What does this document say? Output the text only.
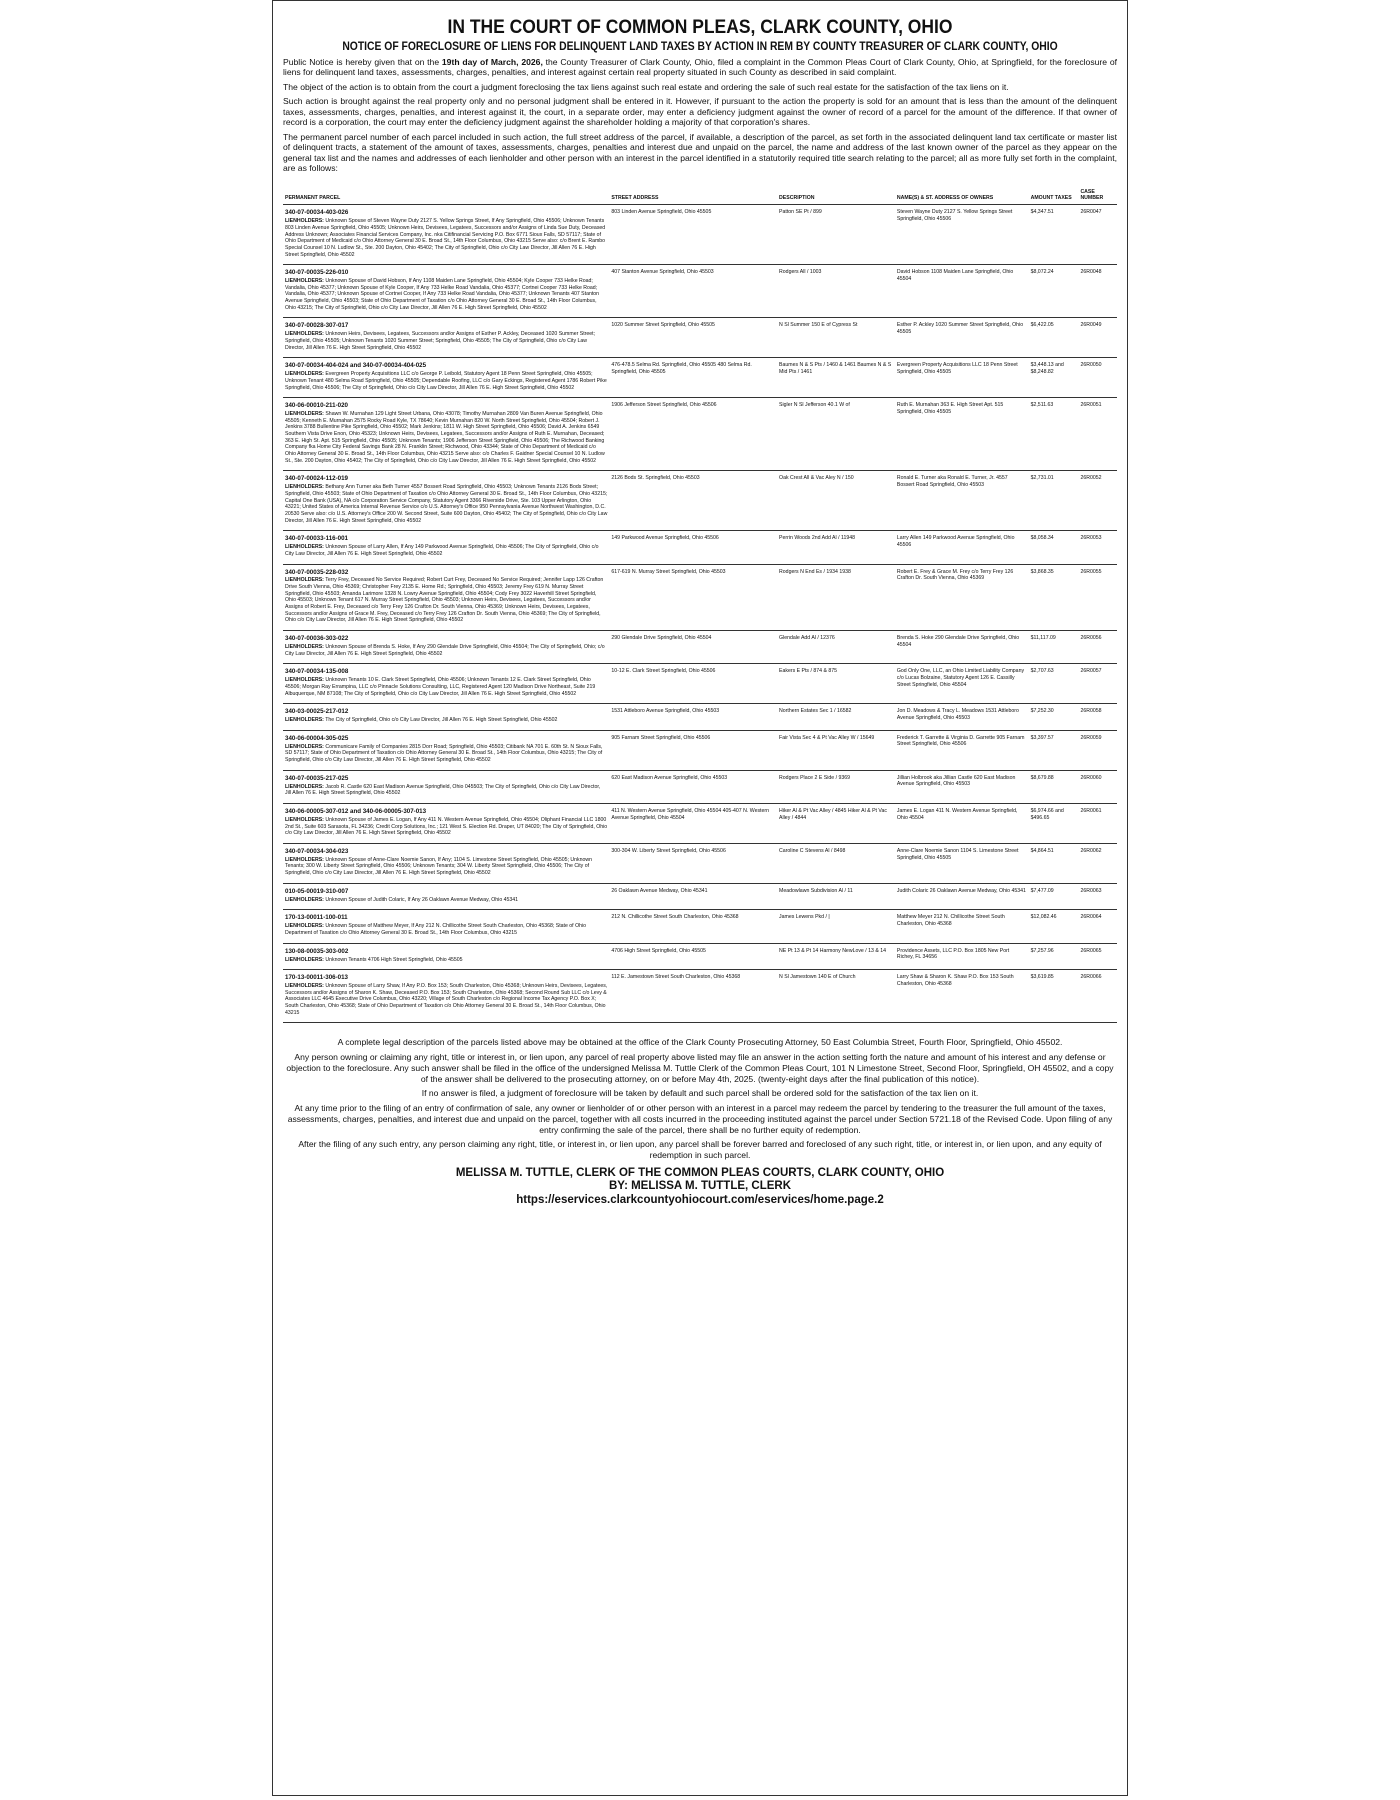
IN THE COURT OF COMMON PLEAS, CLARK COUNTY, OHIO
NOTICE OF FORECLOSURE OF LIENS FOR DELINQUENT LAND TAXES BY ACTION IN REM BY COUNTY TREASURER OF CLARK COUNTY, OHIO

Public Notice is hereby given that on the 19th day of March, 2026, the County Treasurer of Clark County, Ohio, filed a complaint in the Common Pleas Court of Clark County, Ohio, at Springfield, for the foreclosure of liens for delinquent land taxes, assessments, charges, penalties, and interest against certain real property situated in such County as described in said complaint.

The object of the action is to obtain from the court a judgment foreclosing the tax liens against such real estate and ordering the sale of such real estate for the satisfaction of the tax liens on it.

Such action is brought against the real property only and no personal judgment shall be entered in it. However, if pursuant to the action the property is sold for an amount that is less than the amount of the delinquent taxes, assessments, charges, penalties, and interest against it, the court, in a separate order, may enter a deficiency judgment against the owner of record of a parcel for the amount of the difference. If that owner of record is a corporation, the court may enter the deficiency judgment against the shareholder holding a majority of that corporation's shares.

The permanent parcel number of each parcel included in such action, the full street address of the parcel, if available, a description of the parcel, as set forth in the associated delinquent land tax certificate or master list of delinquent tracts, a statement of the amount of taxes, assessments, charges, penalties and interest due and unpaid on the parcel, the name and address of the last known owner of the parcel as they appear on the general tax list and the names and addresses of each lienholder and other person with an interest in the parcel identified in a statutorily required title search relating to the parcel; all as more fully set forth in the complaint, are as follows:

PERMANENT PARCEL	STREET ADDRESS	DESCRIPTION	NAME(S) & ST. ADDRESS OF OWNERS	AMOUNT TAXES	CASE NUMBER

340-07-00034-403-026
LIENHOLDERS: Unknown Spouse of Steven Wayne Duty 2127 S. Yellow Springs Street, If Any Springfield, Ohio 45506; Unknown Tenants 803 Linden Avenue Springfield, Ohio 45505; Unknown Heirs, Devisees, Legatees, Successors and/or Assigns of Linda Sue Duty, Deceased Address Unknown; Associates Financial Services Company, Inc. nka Citifinancial Servicing P.O. Box 6771 Sioux Falls, SD 57117; State of Ohio Department of Medicaid c/o Ohio Attorney General 30 E. Broad St., 14th Floor Columbus, Ohio 43215 Serve also: c/o Brent E. Rambo Special Counsel 10 N. Ludlow St., Ste. 200 Dayton, Ohio 45402; The City of Springfield, Ohio c/o City Law Director, Jill Allen 76 E. High Street Springfield, Ohio 45502	803 Linden Avenue Springfield, Ohio 45505	Patton SE Pt / 899	Steven Wayne Duty 2127 S. Yellow Springs Street Springfield, Ohio 45506	$4,347.51	26R0047

340-07-00035-226-010
LIENHOLDERS: Unknown Spouse of David Hobson, If Any 1108 Maiden Lane Springfield, Ohio 45504; Kyle Cooper 733 Helke Road; Vandalia, Ohio 45377; Unknown Spouse of Kyle Cooper, If Any 733 Helke Road Vandalia, Ohio 45377; Cortnei Cooper 733 Helke Road; Vandalia, Ohio 45377; Unknown Spouse of Cortnei Cooper, If Any 733 Helke Road Vandalia, Ohio 45377; Unknown Tenants 407 Stanton Avenue Springfield, Ohio 45503; State of Ohio Department of Taxation c/o Ohio Attorney General 30 E. Broad St., 14th Floor Columbus, Ohio 43215; The City of Springfield, Ohio c/o City Law Director, Jill Allen 76 E. High Street Springfield, Ohio 45502	407 Stanton Avenue Springfield, Ohio 45503	Rodgers All / 1003	David Hobson 1108 Maiden Lane Springfield, Ohio 45504	$8,072.24	26R0048

340-07-00028-307-017
LIENHOLDERS: Unknown Heirs, Devisees, Legatees, Successors and/or Assigns of Esther P. Ackley, Deceased 1020 Summer Street; Springfield, Ohio 45505; Unknown Tenants 1020 Summer Street; Springfield, Ohio 45505; The City of Springfield, Ohio c/o City Law Director, Jill Allen 76 E. High Street Springfield, Ohio 45502	1020 Summer Street Springfield, Ohio 45505	N Sl Summer 150 E of Cypress St	Esther P. Ackley 1020 Summer Street Springfield, Ohio 45505	$6,422.05	26R0049

340-07-00034-404-024 and 340-07-00034-404-025
LIENHOLDERS: Evergreen Property Acquisitions LLC c/o George P. Leibold, Statutory Agent 18 Penn Street Springfield, Ohio 45505; Unknown Tenant 480 Selma Road Springfield, Ohio 45505; Dependable Roofing, LLC c/o Gary Eckings, Registered Agent 1786 Robert Pike Springfield, Ohio 45506; The City of Springfield, Ohio c/o City Law Director, Jill Allen 76 E. High Street Springfield, Ohio 45502	476-478.5 Selma Rd. Springfield, Ohio 45505 480 Selma Rd. Springfield, Ohio 45505	Baumes N & S Pts / 1460 & 1461 Baumes N & S Mid Pts / 1461	Evergreen Property Acquisitions LLC 18 Penn Street Springfield, Ohio 45505	$3,448.13 and $8,248.82	26R0050

340-06-00010-211-020
LIENHOLDERS: Shawn W. Murnahan 129 Light Street Urbana, Ohio 43078; Timothy Murnahan 2809 Van Buren Avenue Springfield, Ohio 45505; Kenneth E. Murnahan 2575 Rocky Road Kyle, TX 78640; Kevin Murnahan 820 W. North Street Springfield, Ohio 45504; Robert J. Jenkins 3788 Bullentine Pike Springfield, Ohio 45502; Mark Jenkins; 1811 W. High Street Springfield, Ohio 45506; David A. Jenkins 6549 Southern Vista Drive Enon, Ohio 45323; Unknown Heirs, Devisees, Legatees, Successors and/or Assigns of Ruth E. Murnahan, Deceased; 363 E. High St. Apt. 515 Springfield, Ohio 45505; Unknown Tenants; 1906 Jefferson Street Springfield, Ohio 45506; The Richwood Banking Company fka Home City Federal Savings Bank 28 N. Franklin Street; Richwood, Ohio 43344; State of Ohio Department of Medicaid c/o Ohio Attorney General 30 E. Broad St., 14th Floor Columbus, Ohio 43215 Serve also: c/o Charles F. Gaidner Special Counsel 10 N. Ludlow St., Ste. 200 Dayton, Ohio 45402; The City of Springfield, Ohio c/o City Law Director, Jill Allen 76 E. High Street Springfield, Ohio 45502	1906 Jefferson Street Springfield, Ohio 45506	Sigler N Sl Jefferson 40.1 W of	Ruth E. Murnahan 363 E. High Street Apt. 515 Springfield, Ohio 45505	$2,511.63	26R0051

340-07-00024-112-019
LIENHOLDERS: Bethany Ann Turner aka Beth Turner 4557 Bossert Road Springfield, Ohio 45503; Unknown Tenants 2126 Bods Street; Springfield, Ohio 45503; State of Ohio Department of Taxation c/o Ohio Attorney General 30 E. Broad St., 14th Floor Columbus, Ohio 43215; Capital One Bank (USA), NA c/o Corporation Service Company, Statutory Agent 3366 Riverside Drive, Ste. 103 Upper Arlington, Ohio 43221; United States of America Internal Revenue Service c/o U.S. Attorney's Office 950 Pennsylvania Avenue Northwest Washington, D.C. 20530 Serve also: c/o U.S. Attorney's Office 200 W. Second Street, Suite 600 Dayton, Ohio 45402; The City of Springfield, Ohio c/o City Law Director, Jill Allen 76 E. High Street Springfield, Ohio 45502	2126 Bods St. Springfield, Ohio 45503	Oak Crest All & Vac Aley N / 150	Ronald E. Turner aka Ronald E. Turner, Jr. 4557 Bossert Road Springfield, Ohio 45503	$2,731.01	26R0052

340-07-00033-116-001
LIENHOLDERS: Unknown Spouse of Larry Allen, If Any 149 Parkwood Avenue Springfield, Ohio 45506; The City of Springfield, Ohio c/o City Law Director, Jill Allen 76 E. High Street Springfield, Ohio 45502	149 Parkwood Avenue Springfield, Ohio 45506	Perrin Woods 2nd Add Al / 11948	Larry Allen 149 Parkwood Avenue Springfield, Ohio 45506	$8,058.34	26R0053

340-07-00035-228-032
LIENHOLDERS: Terry Frey, Deceased No Service Required; Robert Curt Frey, Deceased No Service Required; Jennifer Lapp 126 Crafton Drive South Vienna, Ohio 45369; Christopher Frey 2135 E. Home Rd.; Springfield, Ohio 45503; Jeremy Frey 619 N. Murray Street Springfield, Ohio 45503; Amanda Larimore 1328 N. Lowry Avenue Springfield, Ohio 45504; Cody Frey 3022 Haverhill Street Springfield, Ohio 45503; Unknown Tenant 617 N. Murray Street Springfield, Ohio 45503; Unknown Heirs, Devisees, Legatees, Successors and/or Assigns of Robert E. Frey, Deceased c/o Terry Frey 126 Crafton Dr. South Vienna, Ohio 45369; Unknown Heirs, Devisees, Legatees, Successors and/or Assigns of Grace M. Frey, Deceased c/o Terry Frey 126 Crafton Dr. South Vienna, Ohio 45369; The City of Springfield, Ohio c/o City Law Director, Jill Allen 76 E. High Street Springfield, Ohio 45502	617-619 N. Murray Street Springfield, Ohio 45503	Rodgers N End Es / 1934 1938	Robert E. Frey & Grace M. Frey c/o Terry Frey 126 Crafton Dr. South Vienna, Ohio 45369	$3,868.35	26R0055

340-07-00036-303-022
LIENHOLDERS: Unknown Spouse of Brenda S. Hoke, If Any 290 Glendale Drive Springfield, Ohio 45504; The City of Springfield, Ohio; c/o City Law Director, Jill Allen 76 E. High Street Springfield, Ohio 45502	290 Glendale Drive Springfield, Ohio 45504	Glendale Add Al / 12376	Brenda S. Hoke 290 Glendale Drive Springfield, Ohio 45504	$11,117.09	26R0056

340-07-00034-135-008
LIENHOLDERS: Unknown Tenants 10 E. Clark Street Springfield, Ohio 45506; Unknown Tenants 12 E. Clark Street Springfield, Ohio 45506; Morgan Ray Errampina, LLC c/o Pinnacle Solutions Consulting, LLC, Registered Agent 120 Madison Drive Northeast, Suite 219 Albuquerque, NM 87108; The City of Springfield, Ohio c/o City Law Director, Jill Allen 76 E. High Street Springfield, Ohio 45502	10-12 E. Clark Street Springfield, Ohio 45506	Eakers E Pts / 874 & 875	God Only One, LLC, an Ohio Limited Liability Company c/o Lucas Bolzaine, Statutory Agent 126 E. Cassilly Street Springfield, Ohio 45504	$2,707.63	26R0057

340-03-00025-217-012
LIENHOLDERS: The City of Springfield, Ohio c/o City Law Director, Jill Allen 76 E. High Street Springfield, Ohio 45502	1531 Attleboro Avenue Springfield, Ohio 45503	Northern Estates Sec 1 / 16582	Jon D. Meadows & Tracy L. Meadows 1531 Attleboro Avenue Springfield, Ohio 45503	$7,252.30	26R0058

340-06-00004-305-025
LIENHOLDERS: Communicare Family of Companies 2815 Dorr Road; Springfield, Ohio 45503; Citibank NA 701 E. 60th St. N Sioux Falls, SD 57117; State of Ohio Department of Taxation c/o Ohio Attorney General 30 E. Broad St., 14th Floor Columbus, Ohio 43215; The City of Springfield, Ohio c/o City Law Director, Jill Allen 76 E. High Street Springfield, Ohio 45502	905 Farnam Street Springfield, Ohio 45506	Fair Vista Sec 4 & Pt Vac Alley W / 15649	Frederick T. Garrette & Virginia D. Garrette 905 Farnam Street Springfield, Ohio 45506	$3,397.57	26R0059

340-07-00035-217-025
LIENHOLDERS: Jacob R. Castle 620 East Madison Avenue Springfield, Ohio 045503; The City of Springfield, Ohio c/o City Law Director, Jill Allen 76 E. High Street Springfield, Ohio 45502	620 East Madison Avenue Springfield, Ohio 45503	Rodgers Place 2 E Side / 9369	Jillian Holbrook aka Jillian Castle 620 East Madison Avenue Springfield, Ohio 45503	$8,679.88	26R0060

340-06-00005-307-012 and 340-06-00005-307-013
LIENHOLDERS: Unknown Spouse of James E. Logan, If Any 411 N. Western Avenue Springfield, Ohio 45504; Oliphant Financial LLC 1800 2nd St., Suite 603 Sarasota, FL 34236; Credit Corp Solutions, Inc.; 121 West S. Election Rd. Draper, UT 84020; The City of Springfield, Ohio c/o City Law Director, Jill Allen 76 E. High Street Springfield, Ohio 45502	411 N. Western Avenue Springfield, Ohio 45504 405-407 N. Western Avenue Springfield, Ohio 45504	Hiker Al & Pt Vac Alley / 4845 Hiker Al & Pt Vac Alley / 4844	James E. Logan 411 N. Western Avenue Springfield, Ohio 45504	$6,974.66 and $496.65	26R0061

340-07-00034-304-023
LIENHOLDERS: Unknown Spouse of Anne-Clare Noemie Sanon, If Any; 1104 S. Limestone Street Springfield, Ohio 45505; Unknown Tenants; 300 W. Liberty Street Springfield, Ohio 45506; Unknown Tenants; 304 W. Liberty Street Springfield, Ohio 45506; The City of Springfield, Ohio c/o City Law Director, Jill Allen 76 E. High Street Springfield, Ohio 45502	300-304 W. Liberty Street Springfield, Ohio 45506	Caroline C Stevens Al / 8498	Anne-Clare Noemie Sanon 1104 S. Limestone Street Springfield, Ohio 45505	$4,864.51	26R0062

010-05-00019-310-007
LIENHOLDERS: Unknown Spouse of Judith Colaric, If Any 26 Oaklawn Avenue Medway, Ohio 45341	26 Oaklawn Avenue Medway, Ohio 45341	Meadowlawn Subdivision Al / 11	Judith Colaric 26 Oaklawn Avenue Medway, Ohio 45341	$7,477.09	26R0063

170-13-00011-100-011
LIENHOLDERS: Unknown Spouse of Matthew Meyer, If Any 212 N. Chillicothe Street South Charleston, Ohio 45368; State of Ohio Department of Taxation c/o Ohio Attorney General 30 E. Broad St., 14th Floor Columbus, Ohio 43215	212 N. Chillicothe Street South Charleston, Ohio 45368	James Lewens Pkd / |	Matthew Meyer 212 N. Chillicothe Street South Charleston, Ohio 45368	$12,082.46	26R0064

130-08-00035-303-002
LIENHOLDERS: Unknown Tenants 4706 High Street Springfield, Ohio 45505	4706 High Street Springfield, Ohio 45505	NE Pt 13 & Pt 14 Harmony NewLove / 13 & 14	Providence Assets, LLC P.O. Box 1805 New Port Richey, FL 34656	$7,257.96	26R0065

170-13-00011-306-013
LIENHOLDERS: Unknown Spouse of Larry Shaw, If Any P.O. Box 153; South Charleston, Ohio 45368; Unknown Heirs, Devisees, Legatees, Successors and/or Assigns of Sharon K. Shaw, Deceased P.O. Box 153; South Charleston, Ohio 45368; Second Round Sub LLC c/o Levy & Associates LLC 4645 Executive Drive Columbus, Ohio 43220; Village of South Charleston c/o Regional Income Tax Agency P.O. Box X; South Charleston, Ohio 45368; State of Ohio Department of Taxation c/o Ohio Attorney General 30 E. Broad St., 14th Floor Columbus, Ohio 43215	112 E. Jamestown Street South Charleston, Ohio 45368	N Sl Jamestown 140 E of Church	Larry Shaw & Sharon K. Shaw P.O. Box 153 South Charleston, Ohio 45368	$3,619.85	26R0066

A complete legal description of the parcels listed above may be obtained at the office of the Clark County Prosecuting Attorney, 50 East Columbia Street, Fourth Floor, Springfield, Ohio 45502.

Any person owning or claiming any right, title or interest in, or lien upon, any parcel of real property above listed may file an answer in the action setting forth the nature and amount of his interest and any defense or objection to the foreclosure. Any such answer shall be filed in the office of the undersigned Melissa M. Tuttle Clerk of the Common Pleas Court, 101 N Limestone Street, Second Floor, Springfield, OH 45502, and a copy of the answer shall be delivered to the prosecuting attorney, on or before May 4th, 2025. (twenty-eight days after the final publication of this notice).

If no answer is filed, a judgment of foreclosure will be taken by default and such parcel shall be ordered sold for the satisfaction of the tax lien on it.

At any time prior to the filing of an entry of confirmation of sale, any owner or lienholder of or other person with an interest in a parcel may redeem the parcel by tendering to the treasurer the full amount of the taxes, assessments, charges, penalties, and interest due and unpaid on the parcel, together with all costs incurred in the proceeding instituted against the parcel under Section 5721.18 of the Revised Code. Upon filing of any entry confirming the sale of the parcel, there shall be no further equity of redemption.

After the filing of any such entry, any person claiming any right, title, or interest in, or lien upon, any parcel shall be forever barred and foreclosed of any such right, title, or interest in, or lien upon, and any equity of redemption in such parcel.

MELISSA M. TUTTLE, CLERK OF THE COMMON PLEAS COURTS, CLARK COUNTY, OHIO
BY: MELISSA M. TUTTLE, CLERK
https://eservices.clarkcountyohiocourt.com/eservices/home.page.2
